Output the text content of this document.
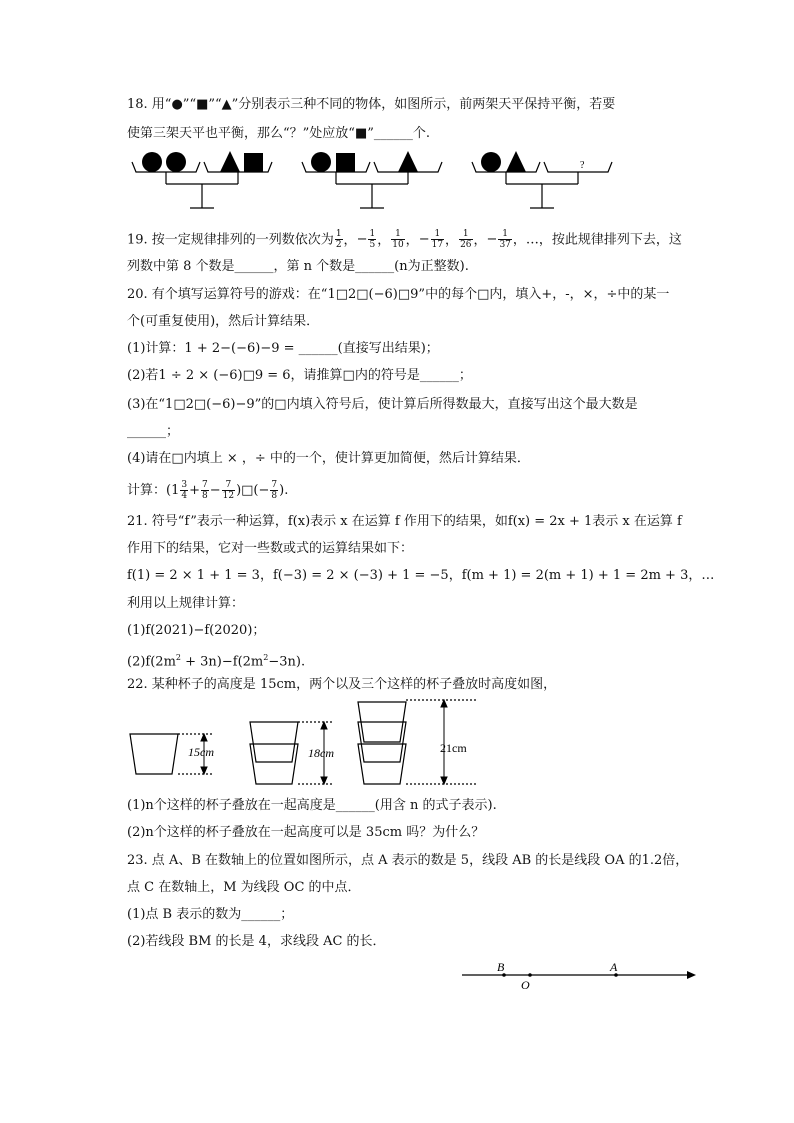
18. 用“●”“■”“▲”分别表示三种不同的物体，如图所示，前两架天平保持平衡，若要
使第三架天平也平衡，那么“？”处应放“■”______个.
?
19. 按一定规律排列的一列数依次为 $\frac{1}{2}$ ，− $\frac{1}{5}$ ， $\frac{1}{10}$ ，− $\frac{1}{17}$ ， $\frac{1}{26}$ ，− $\frac{1}{37}$ ，…，按此规律排列下去，这
列数中第 8 个数是______，第 n 个数是______(n为正整数).
20. 有个填写运算符号的游戏：在“1□2□(−6)□9”中的每个□内，填入+，-，×，÷中的某一
个(可重复使用)，然后计算结果．
(1)计算：1 + 2−(−6)−9 = ______(直接写出结果)；
(2)若1 ÷ 2 × (−6)□9 = 6，请推算□内的符号是______；
(3)在“1□2□(−6)−9”的□内填入符号后，使计算后所得数最大，直接写出这个最大数是
______；
(4)请在□内填上 × ，÷ 中的一个，使计算更加简便，然后计算结果．
计算：($1 \frac{3}{4} + \frac{7}{8} - \frac{7}{12}$ )□(− $\frac{7}{8}$ ).
21. 符号“f”表示一种运算，f(x)表示 x 在运算 f 作用下的结果，如f(x) = 2x + 1表示 x 在运算 f
作用下的结果，它对一些数或式的运算结果如下：
f(1) = 2 × 1 + 1 = 3，f(−3) = 2 × (−3) + 1 = −5，f(m + 1) = 2(m + 1) + 1 = 2m + 3，…
利用以上规律计算：
(1)f(2021)−f(2020)；
$(2)f(2m^2 + 3n)-f(2m^2-3n)$.
22. 某种杯子的高度是 15cm，两个以及三个这样的杯子叠放时高度如图，
15cm	18cm	21cm
(1)n个这样的杯子叠放在一起高度是______(用含 n 的式子表示).
(2)n个这样的杯子叠放在一起高度可以是 35cm 吗？为什么？
23. 点 A、B 在数轴上的位置如图所示，点 A 表示的数是 5，线段 AB 的长是线段 OA 的1.2倍，
点 C 在数轴上，M 为线段 OC 的中点．
(1)点 B 表示的数为______；
(2)若线段 BM 的长是 4，求线段 AC 的长．
B
O
A
